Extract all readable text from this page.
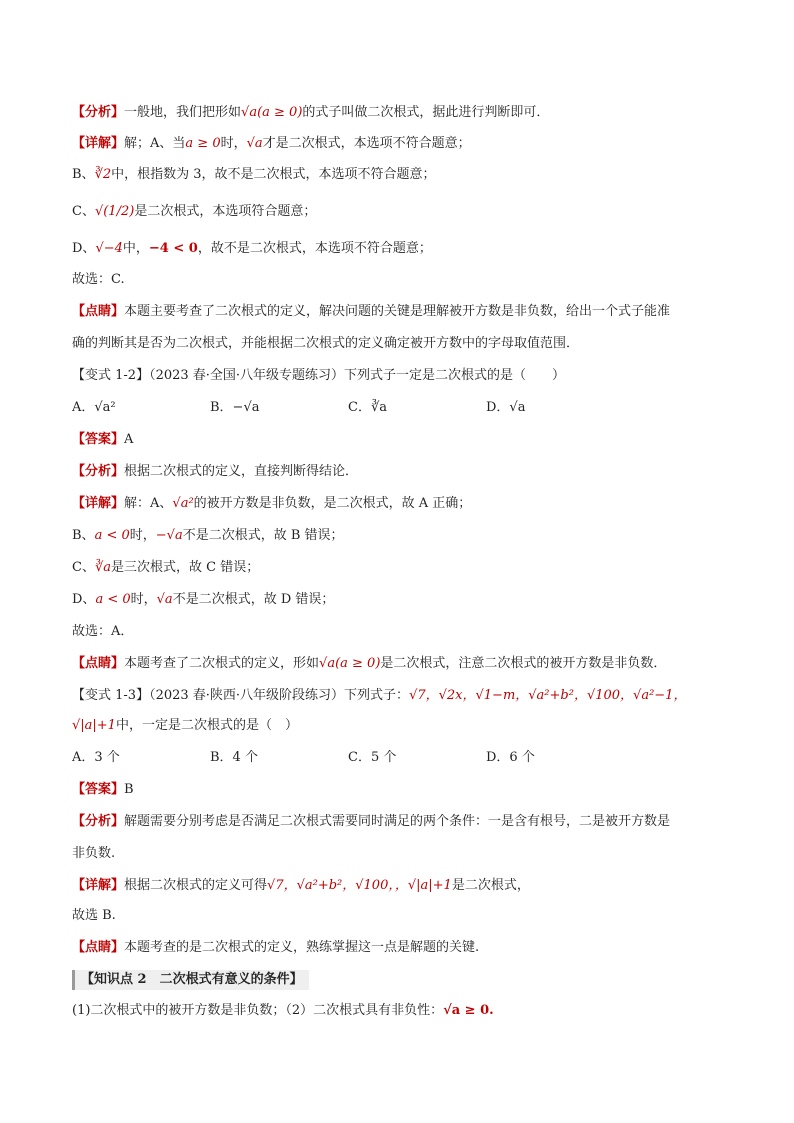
【分析】一般地，我们把形如√a(a ≥ 0)的式子叫做二次根式，据此进行判断即可．
【详解】解；A、当a ≥ 0时，√a才是二次根式，本选项不符合题意；
B、∛2中，根指数为 3，故不是二次根式，本选项不符合题意；
C、√(1/2)是二次根式，本选项符合题意；
D、√−4中，−4 < 0，故不是二次根式，本选项不符合题意；
故选：C.
【点睛】本题主要考查了二次根式的定义，解决问题的关键是理解被开方数是非负数，给出一个式子能准
确的判断其是否为二次根式，并能根据二次根式的定义确定被开方数中的字母取值范围．
【变式 1-2】（2023 春·全国·八年级专题练习）下列式子一定是二次根式的是（　　）
A．√a²	B．−√a	C．∛a	D．√a
【答案】A
【分析】根据二次根式的定义，直接判断得结论．
【详解】解：A、√a²的被开方数是非负数，是二次根式，故 A 正确；
B、a < 0时，−√a不是二次根式，故 B 错误；
C、∛a是三次根式，故 C 错误；
D、a < 0时，√a不是二次根式，故 D 错误；
故选：A．
【点睛】本题考查了二次根式的定义，形如√a(a ≥ 0)是二次根式，注意二次根式的被开方数是非负数．
【变式 1-3】（2023 春·陕西·八年级阶段练习）下列式子：√7，√2x，√1−m，√a²+b²，√100，√a²−1，
√|a|+1中，一定是二次根式的是（　）
A．3 个	B．4 个	C．5 个	D．6 个
【答案】B
【分析】解题需要分别考虑是否满足二次根式需要同时满足的两个条件：一是含有根号，二是被开方数是
非负数.
【详解】根据二次根式的定义可得√7，√a²+b²，√100，，√|a|+1是二次根式，
故选 B.
【点睛】本题考查的是二次根式的定义，熟练掌握这一点是解题的关键.
【知识点 2　二次根式有意义的条件】
(1)二次根式中的被开方数是非负数；（2）二次根式具有非负性：√a ≥ 0.
